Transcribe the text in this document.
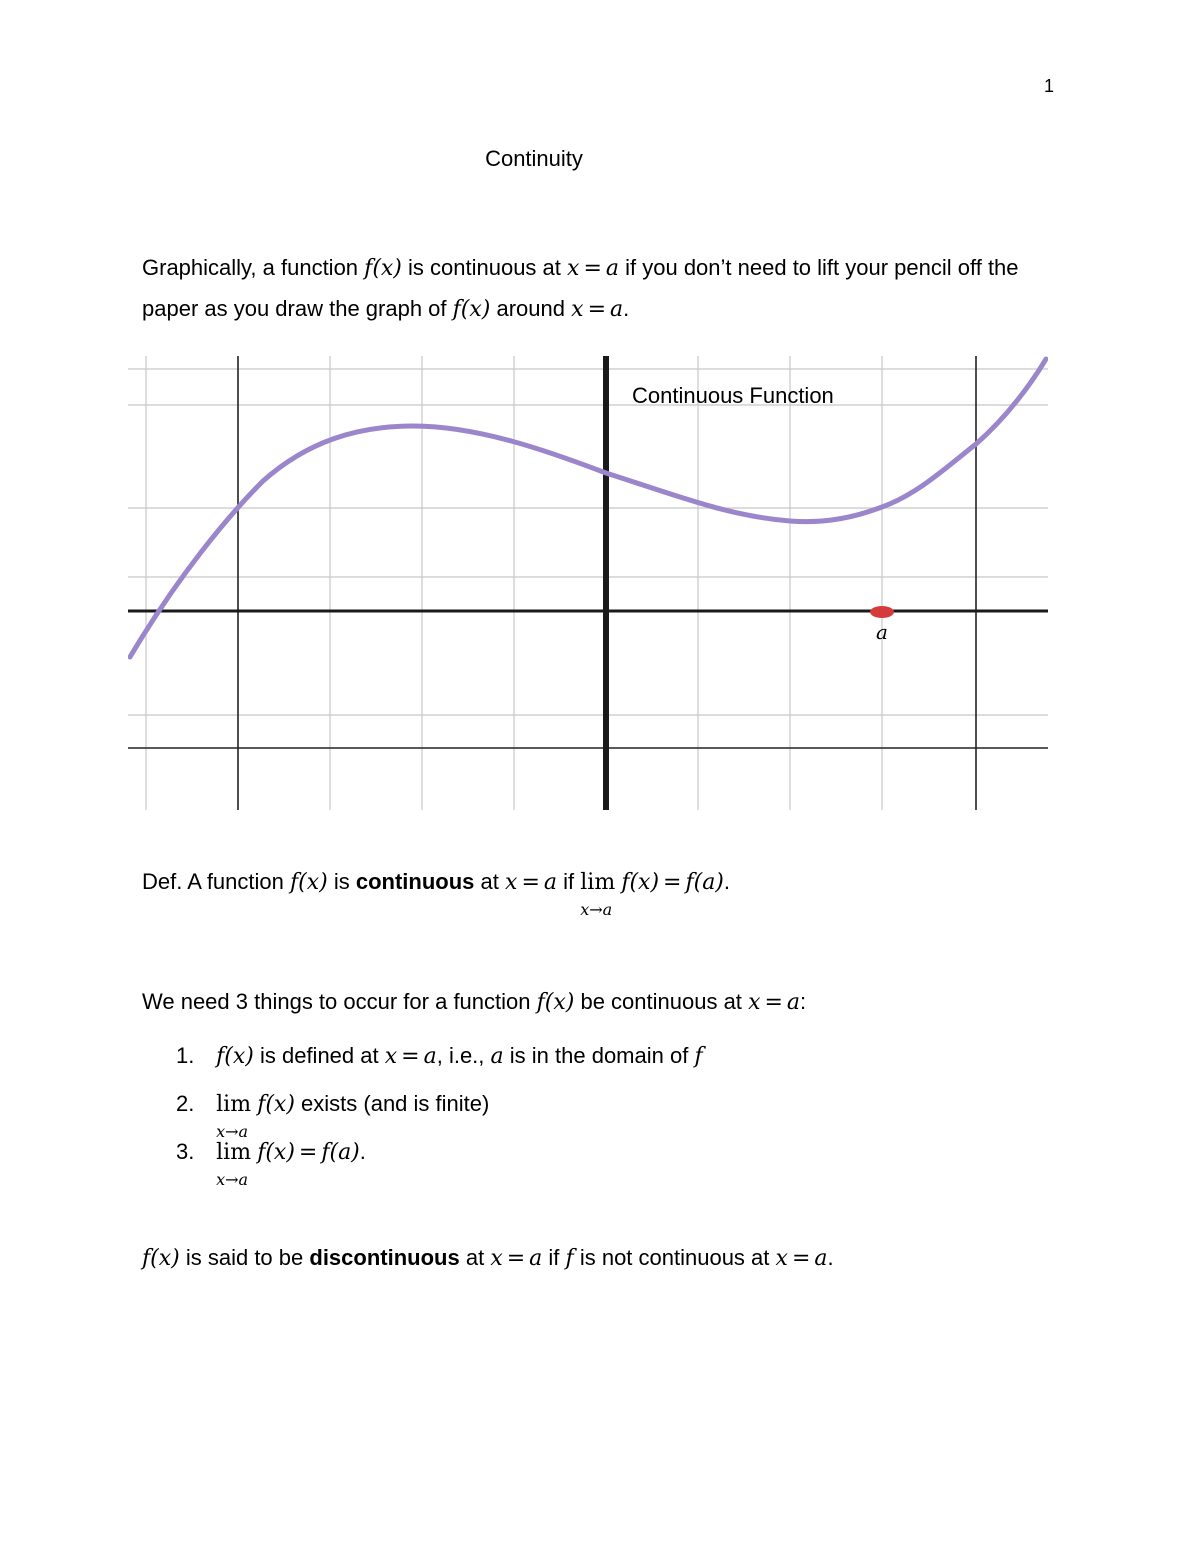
1
Continuity
Graphically, a function f(x) is continuous at x = a if you don’t need to lift your pencil off the paper as you draw the graph of f(x) around x = a.
Continuous Function
a
Def. A function f(x) is continuous at x = a if lim
x→a
f(x) = f(a).
We need 3 things to occur for a function f(x) be continuous at x = a:
1. f(x) is defined at x = a, i.e., a is in the domain of f
2. lim
x→a
f(x) exists (and is finite)
3. lim
x→a
f(x) = f(a).
f(x) is said to be discontinuous at x = a if f is not continuous at x = a.
